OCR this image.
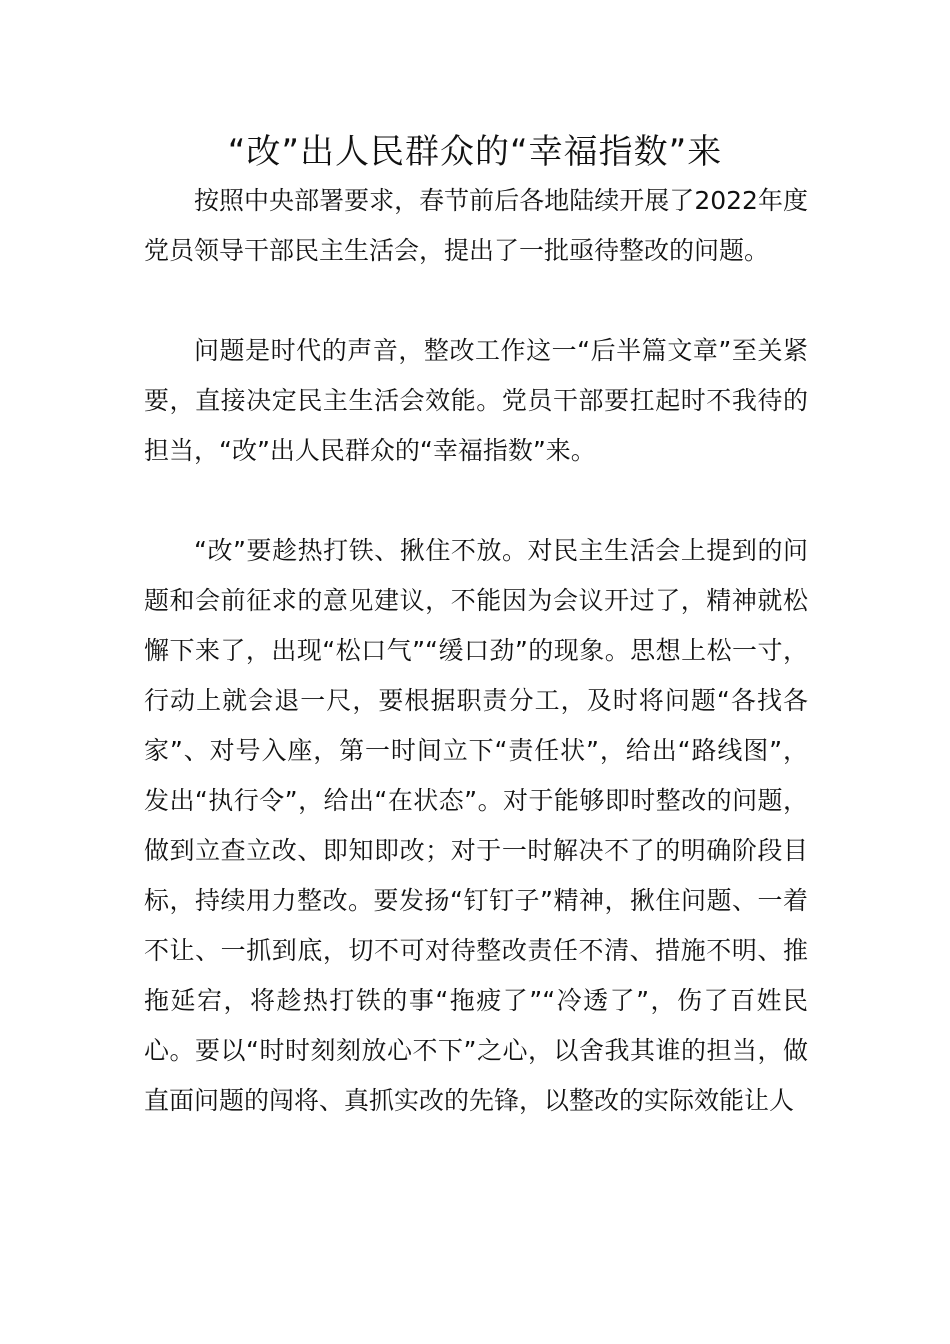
“改”出人民群众的“幸福指数”来

按照中央部署要求，春节前后各地陆续开展了2022年度党员领导干部民主生活会，提出了一批亟待整改的问题。

问题是时代的声音，整改工作这一“后半篇文章”至关紧要，直接决定民主生活会效能。党员干部要扛起时不我待的担当，“改”出人民群众的“幸福指数”来。

“改”要趁热打铁、揪住不放。对民主生活会上提到的问题和会前征求的意见建议，不能因为会议开过了，精神就松懈下来了，出现“松口气”“缓口劲”的现象。思想上松一寸，行动上就会退一尺，要根据职责分工，及时将问题“各找各家”、对号入座，第一时间立下“责任状”，给出“路线图”，发出“执行令”，给出“在状态”。对于能够即时整改的问题，做到立查立改、即知即改；对于一时解决不了的明确阶段目标，持续用力整改。要发扬“钉钉子”精神，揪住问题、一着不让、一抓到底，切不可对待整改责任不清、措施不明、推拖延宕，将趁热打铁的事“拖疲了”“冷透了”，伤了百姓民心。要以“时时刻刻放心不下”之心，以舍我其谁的担当，做直面问题的闯将、真抓实改的先锋，以整改的实际效能让人
